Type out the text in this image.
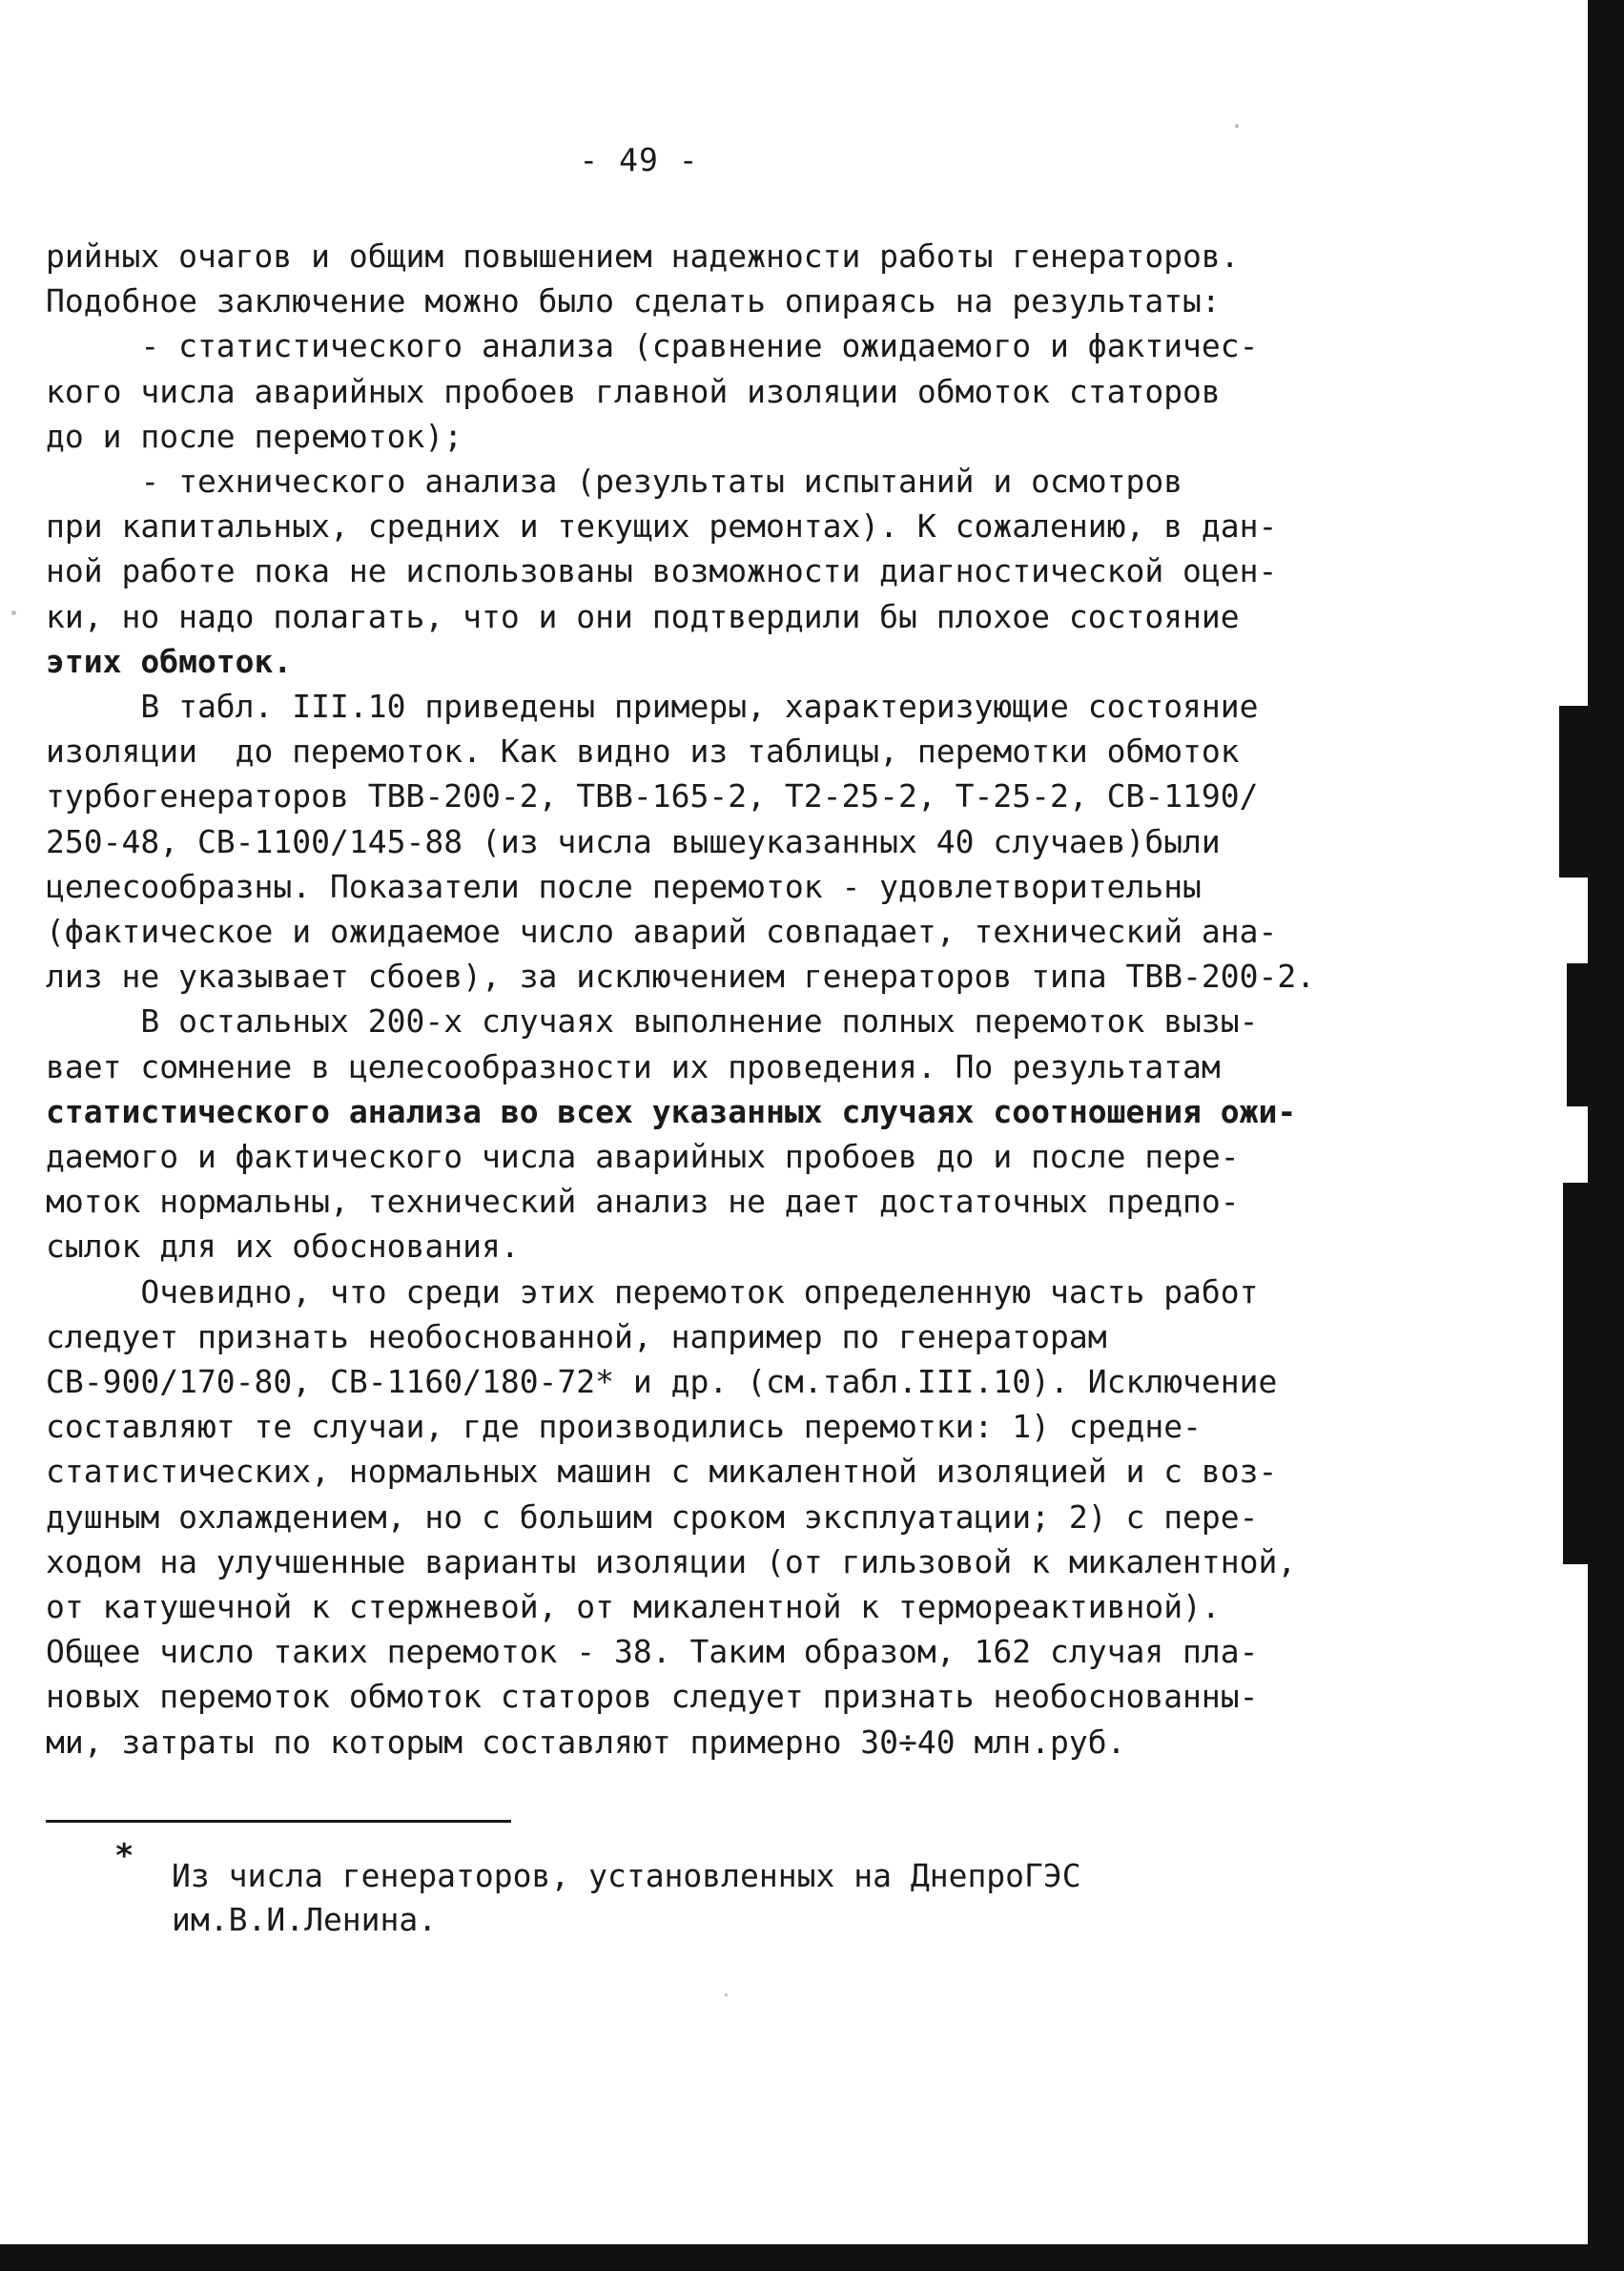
- 49 -
рийных очагов и общим повышением надежности работы генераторов.
Подобное заключение можно было сделать опираясь на результаты:
- статистического анализа (сравнение ожидаемого и фактичес-
кого числа аварийных пробоев главной изоляции обмоток статоров
до и после перемоток);
- технического анализа (результаты испытаний и осмотров
при капитальных, средних и текущих ремонтах). К сожалению, в дан-
ной работе пока не использованы возможности диагностической оцен-
ки, но надо полагать, что и они подтвердили бы плохое состояние
этих обмоток.
В табл. III.10 приведены примеры, характеризующие состояние
изоляции  до перемоток. Как видно из таблицы, перемотки обмоток
турбогенераторов ТВВ-200-2, ТВВ-165-2, Т2-25-2, Т-25-2, СВ-1190/
250-48, СВ-1100/145-88 (из числа вышеуказанных 40 случаев)были
целесообразны. Показатели после перемоток - удовлетворительны
(фактическое и ожидаемое число аварий совпадает, технический ана-
лиз не указывает сбоев), за исключением генераторов типа ТВВ-200-2.
В остальных 200-х случаях выполнение полных перемоток вызы-
вает сомнение в целесообразности их проведения. По результатам
статистического анализа во всех указанных случаях соотношения ожи-
даемого и фактического числа аварийных пробоев до и после пере-
моток нормальны, технический анализ не дает достаточных предпо-
сылок для их обоснования.
Очевидно, что среди этих перемоток определенную часть работ
следует признать необоснованной, например по генераторам
СВ-900/170-80, СВ-1160/180-72* и др. (см.табл.III.10). Исключение
составляют те случаи, где производились перемотки: 1) средне-
статистических, нормальных машин с микалентной изоляцией и с воз-
душным охлаждением, но с большим сроком эксплуатации; 2) с пере-
ходом на улучшенные варианты изоляции (от гильзовой к микалентной,
от катушечной к стержневой, от микалентной к термореактивной).
Общее число таких перемоток - 38. Таким образом, 162 случая пла-
новых перемоток обмоток статоров следует признать необоснованны-
ми, затраты по которым составляют примерно 30÷40 млн.руб.
*
Из числа генераторов, установленных на ДнепроГЭС
им.В.И.Ленина.
